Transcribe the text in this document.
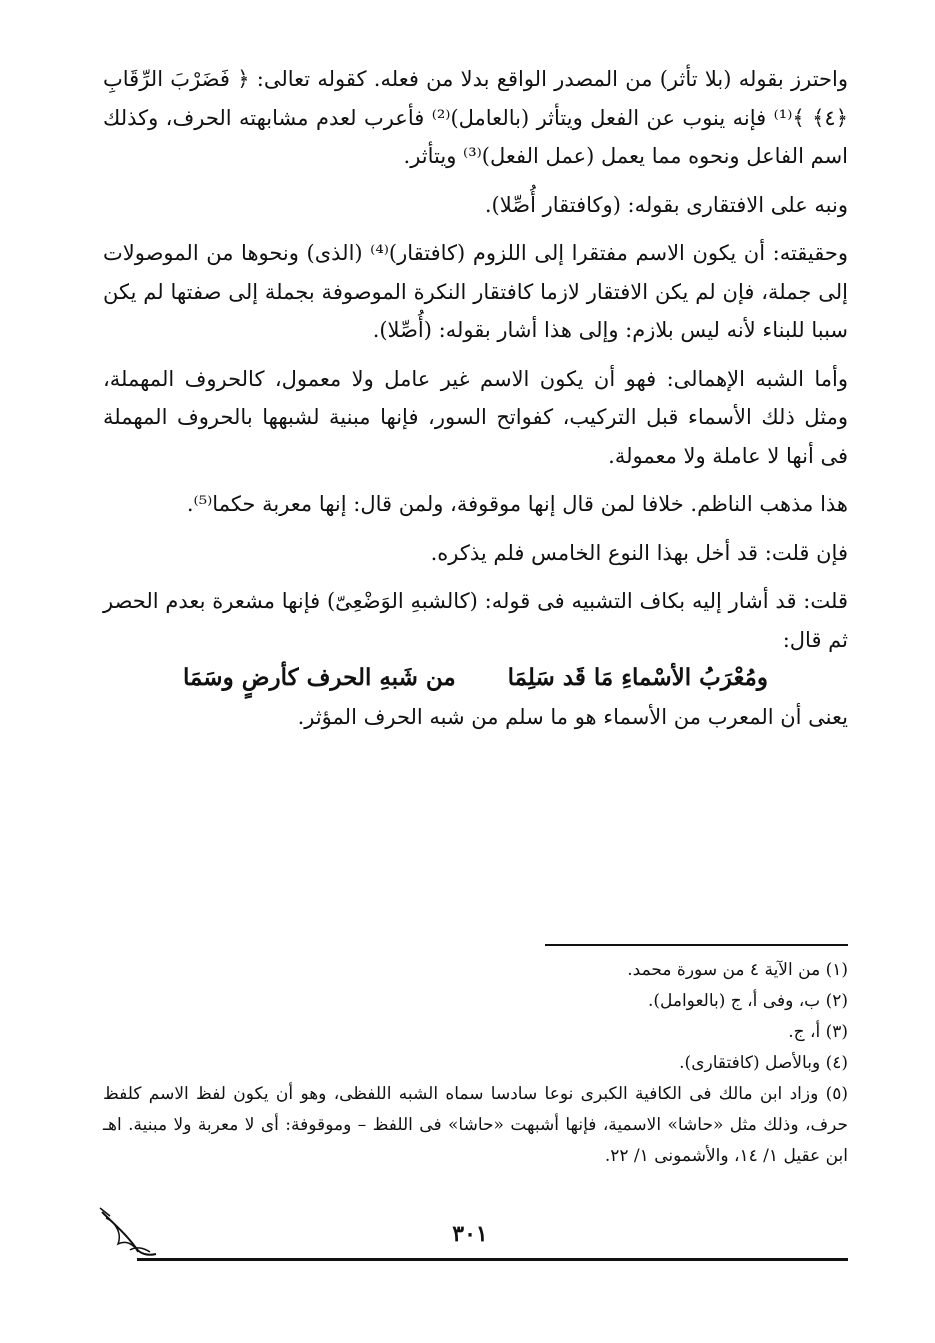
واحترز بقوله (بلا تأثر) من المصدر الواقع بدلا من فعله. كقوله تعالى: ﴿ فَضَرْبَ الرِّقَابِ ﴿٤﴾ ﴾⁽¹⁾ فإنه ينوب عن الفعل ويتأثر (بالعامل)⁽²⁾ فأعرب لعدم مشابهته الحرف، وكذلك اسم الفاعل ونحوه مما يعمل (عمل الفعل)⁽³⁾ ويتأثر.

ونبه على الافتقارى بقوله: (وكافتقار أُصِّلا).

وحقيقته: أن يكون الاسم مفتقرا إلى اللزوم (كافتقار)⁽⁴⁾ (الذى) ونحوها من الموصولات إلى جملة، فإن لم يكن الافتقار لازما كافتقار النكرة الموصوفة بجملة إلى صفتها لم يكن سببا للبناء لأنه ليس بلازم: وإلى هذا أشار بقوله: (أُصِّلا).

وأما الشبه الإهمالى: فهو أن يكون الاسم غير عامل ولا معمول، كالحروف المهملة، ومثل ذلك الأسماء قبل التركيب، كفواتح السور، فإنها مبنية لشبهها بالحروف المهملة فى أنها لا عاملة ولا معمولة.

هذا مذهب الناظم. خلافا لمن قال إنها موقوفة، ولمن قال: إنها معربة حكما⁽⁵⁾.

فإن قلت: قد أخل بهذا النوع الخامس فلم يذكره.

قلت: قد أشار إليه بكاف التشبيه فى قوله: (كالشبهِ الوَضْعِىّ) فإنها مشعرة بعدم الحصر ثم قال:

ومُعْرَبُ الأسْماءِ مَا قَد سَلِمَا
من شَبهِ الحرف كأرضٍ وسَمَا

يعنى أن المعرب من الأسماء هو ما سلم من شبه الحرف المؤثر.

(١) من الآية ٤ من سورة محمد.
(٢) ب، وفى أ، ج (بالعوامل).
(٣) أ، ج.
(٤) وبالأصل (كافتقارى).
(٥) وزاد ابن مالك فى الكافية الكبرى نوعا سادسا سماه الشبه اللفظى، وهو أن يكون لفظ الاسم كلفظ حرف، وذلك مثل «حاشا» الاسمية، فإنها أشبهت «حاشا» فى اللفظ – وموقوفة: أى لا معربة ولا مبنية. اهـ ابن عقيل ١/ ١٤، والأشمونى ١/ ٢٢.
٣٠١
